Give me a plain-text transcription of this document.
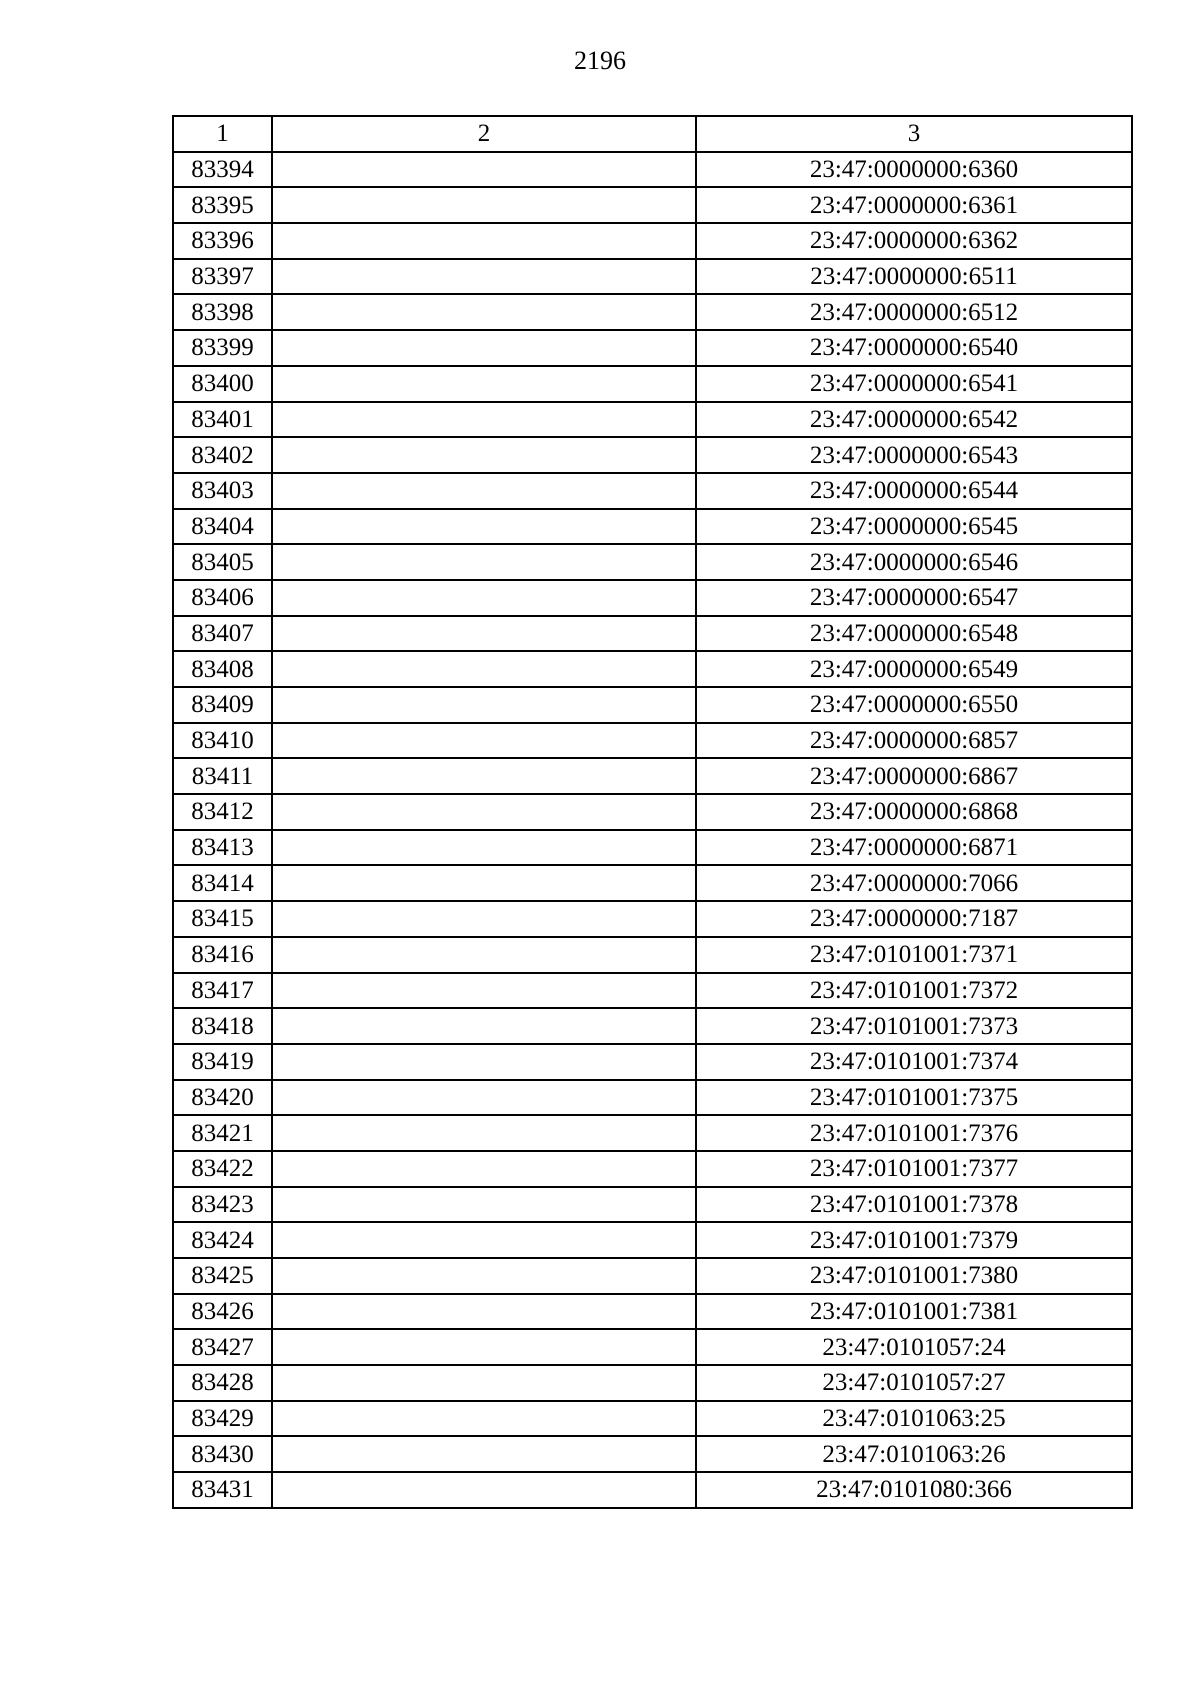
2196
1	2	3
83394		23:47:0000000:6360
83395		23:47:0000000:6361
83396		23:47:0000000:6362
83397		23:47:0000000:6511
83398		23:47:0000000:6512
83399		23:47:0000000:6540
83400		23:47:0000000:6541
83401		23:47:0000000:6542
83402		23:47:0000000:6543
83403		23:47:0000000:6544
83404		23:47:0000000:6545
83405		23:47:0000000:6546
83406		23:47:0000000:6547
83407		23:47:0000000:6548
83408		23:47:0000000:6549
83409		23:47:0000000:6550
83410		23:47:0000000:6857
83411		23:47:0000000:6867
83412		23:47:0000000:6868
83413		23:47:0000000:6871
83414		23:47:0000000:7066
83415		23:47:0000000:7187
83416		23:47:0101001:7371
83417		23:47:0101001:7372
83418		23:47:0101001:7373
83419		23:47:0101001:7374
83420		23:47:0101001:7375
83421		23:47:0101001:7376
83422		23:47:0101001:7377
83423		23:47:0101001:7378
83424		23:47:0101001:7379
83425		23:47:0101001:7380
83426		23:47:0101001:7381
83427		23:47:0101057:24
83428		23:47:0101057:27
83429		23:47:0101063:25
83430		23:47:0101063:26
83431		23:47:0101080:366
